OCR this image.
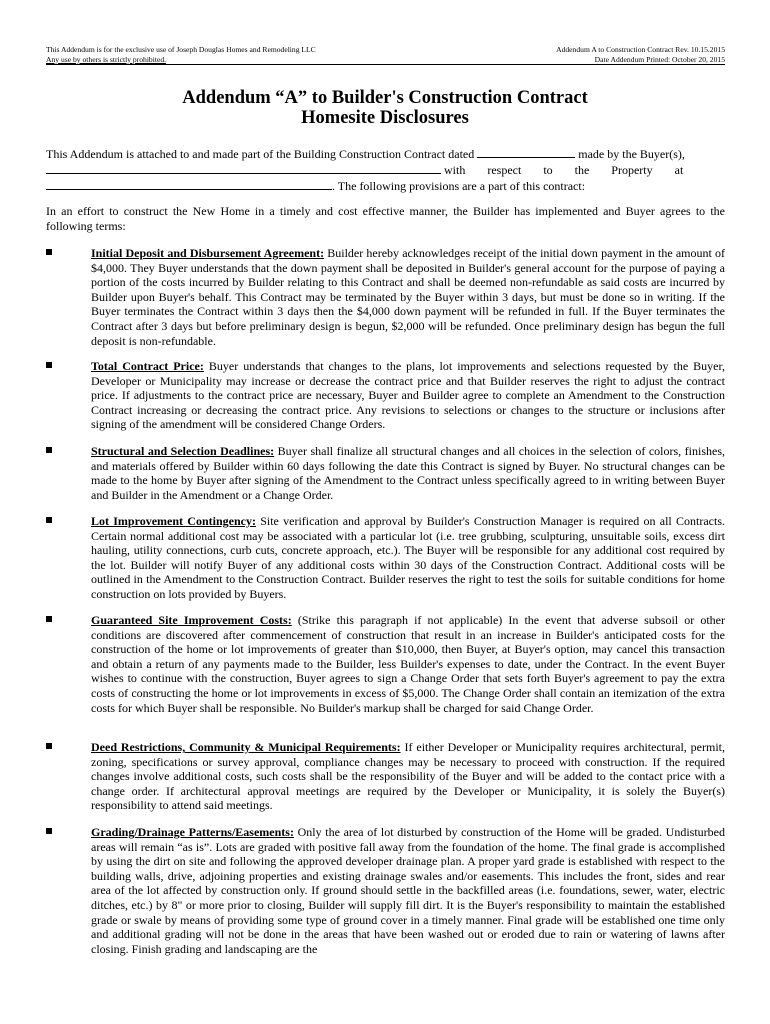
This Addendum is for the exclusive use of Joseph Douglas Homes and Remodeling LLC
Any use by others is strictly prohibited.
Addendum A to Construction Contract Rev. 10.15.2015
Date Addendum Printed: October 20, 2015
Addendum “A” to Builder's Construction Contract
Homesite Disclosures
This Addendum is attached to and made part of the Building Construction Contract dated	made by the Buyer(s),
with respect to the Property at
. The following provisions are a part of this contract:
In an effort to construct the New Home in a timely and cost effective manner, the Builder has implemented and Buyer agrees to the following terms:
Initial Deposit and Disbursement Agreement: Builder hereby acknowledges receipt of the initial down payment in the amount of $4,000. They Buyer understands that the down payment shall be deposited in Builder's general account for the purpose of paying a portion of the costs incurred by Builder relating to this Contract and shall be deemed non-refundable as said costs are incurred by Builder upon Buyer's behalf. This Contract may be terminated by the Buyer within 3 days, but must be done so in writing. If the Buyer terminates the Contract within 3 days then the $4,000 down payment will be refunded in full. If the Buyer terminates the Contract after 3 days but before preliminary design is begun, $2,000 will be refunded. Once preliminary design has begun the full deposit is non-refundable.
Total Contract Price: Buyer understands that changes to the plans, lot improvements and selections requested by the Buyer, Developer or Municipality may increase or decrease the contract price and that Builder reserves the right to adjust the contract price. If adjustments to the contract price are necessary, Buyer and Builder agree to complete an Amendment to the Construction Contract increasing or decreasing the contract price. Any revisions to selections or changes to the structure or inclusions after signing of the amendment will be considered Change Orders.
Structural and Selection Deadlines: Buyer shall finalize all structural changes and all choices in the selection of colors, finishes, and materials offered by Builder within 60 days following the date this Contract is signed by Buyer. No structural changes can be made to the home by Buyer after signing of the Amendment to the Contract unless specifically agreed to in writing between Buyer and Builder in the Amendment or a Change Order.
Lot Improvement Contingency: Site verification and approval by Builder's Construction Manager is required on all Contracts. Certain normal additional cost may be associated with a particular lot (i.e. tree grubbing, sculpturing, unsuitable soils, excess dirt hauling, utility connections, curb cuts, concrete approach, etc.). The Buyer will be responsible for any additional cost required by the lot. Builder will notify Buyer of any additional costs within 30 days of the Construction Contract. Additional costs will be outlined in the Amendment to the Construction Contract. Builder reserves the right to test the soils for suitable conditions for home construction on lots provided by Buyers.
Guaranteed Site Improvement Costs: (Strike this paragraph if not applicable) In the event that adverse subsoil or other conditions are discovered after commencement of construction that result in an increase in Builder's anticipated costs for the construction of the home or lot improvements of greater than $10,000, then Buyer, at Buyer's option, may cancel this transaction and obtain a return of any payments made to the Builder, less Builder's expenses to date, under the Contract. In the event Buyer wishes to continue with the construction, Buyer agrees to sign a Change Order that sets forth Buyer's agreement to pay the extra costs of constructing the home or lot improvements in excess of $5,000. The Change Order shall contain an itemization of the extra costs for which Buyer shall be responsible. No Builder's markup shall be charged for said Change Order.
Deed Restrictions, Community & Municipal Requirements: If either Developer or Municipality requires architectural, permit, zoning, specifications or survey approval, compliance changes may be necessary to proceed with construction. If the required changes involve additional costs, such costs shall be the responsibility of the Buyer and will be added to the contact price with a change order. If architectural approval meetings are required by the Developer or Municipality, it is solely the Buyer(s) responsibility to attend said meetings.
Grading/Drainage Patterns/Easements: Only the area of lot disturbed by construction of the Home will be graded. Undisturbed areas will remain “as is”. Lots are graded with positive fall away from the foundation of the home. The final grade is accomplished by using the dirt on site and following the approved developer drainage plan. A proper yard grade is established with respect to the building walls, drive, adjoining properties and existing drainage swales and/or easements. This includes the front, sides and rear area of the lot affected by construction only. If ground should settle in the backfilled areas (i.e. foundations, sewer, water, electric ditches, etc.) by 8" or more prior to closing, Builder will supply fill dirt. It is the Buyer's responsibility to maintain the established grade or swale by means of providing some type of ground cover in a timely manner. Final grade will be established one time only and additional grading will not be done in the areas that have been washed out or eroded due to rain or watering of lawns after closing. Finish grading and landscaping are the
